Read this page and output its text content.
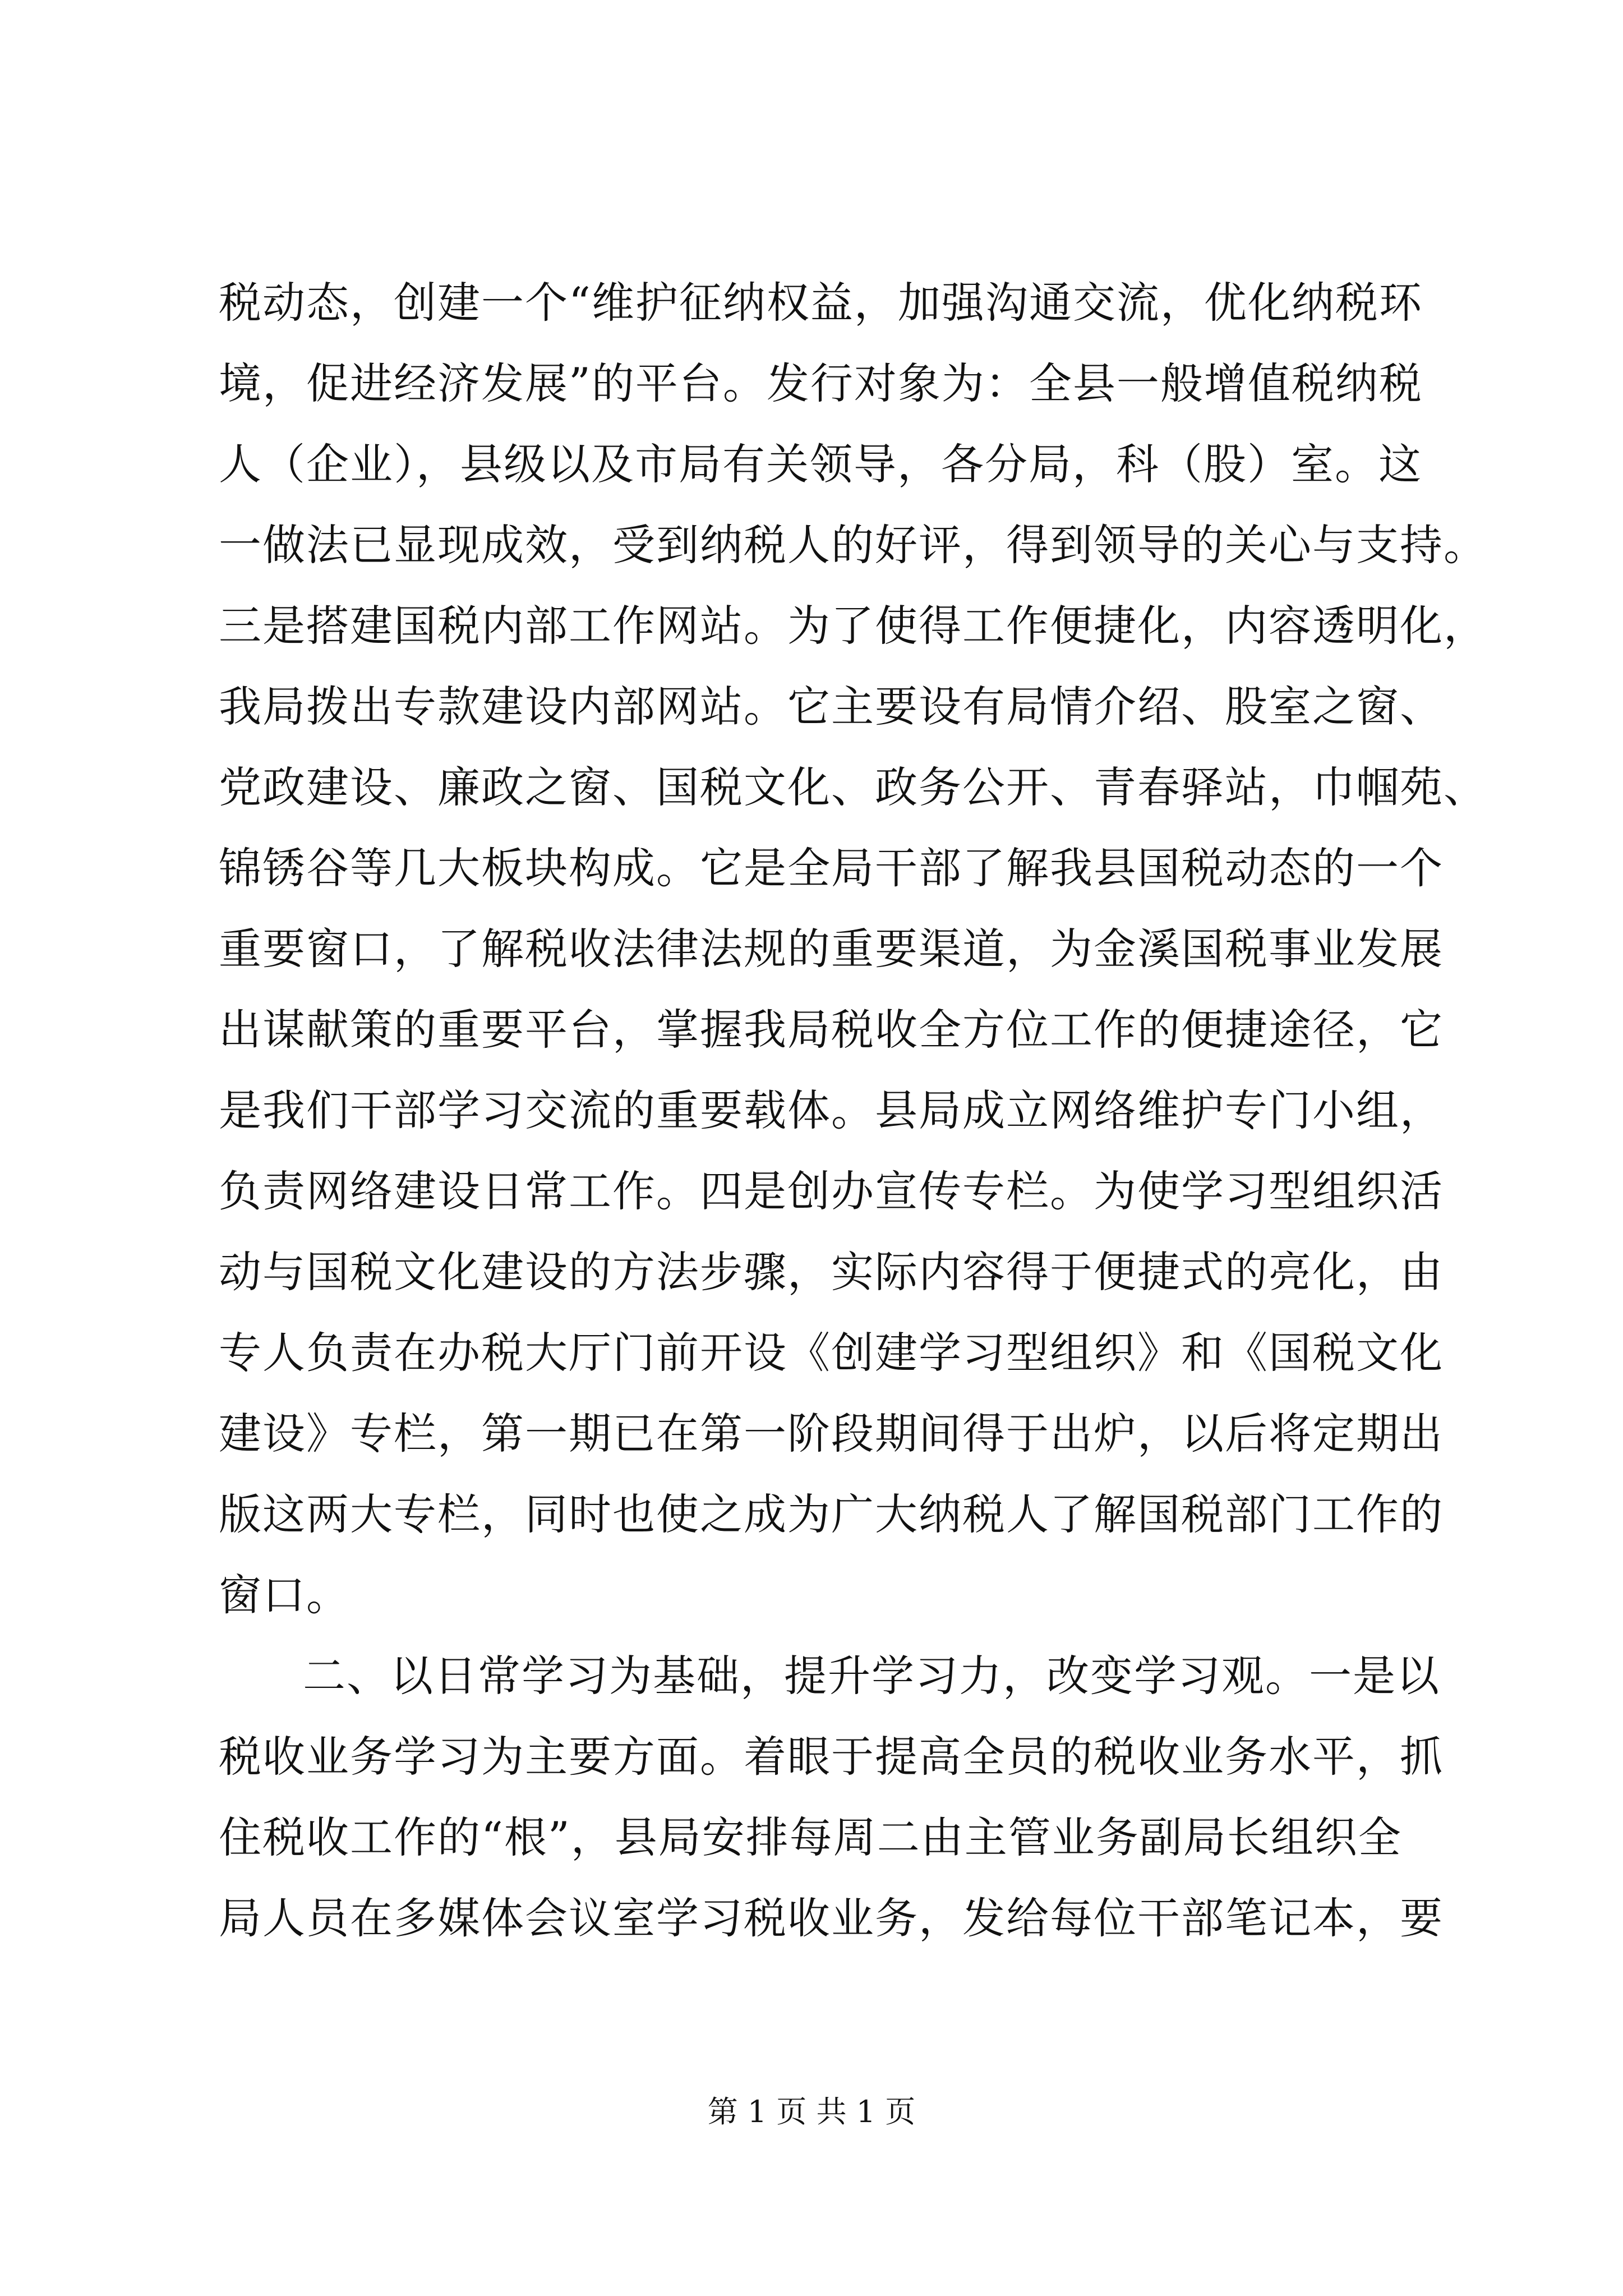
税动态，创建一个“维护征纳权益，加强沟通交流，优化纳税环
境，促进经济发展”的平台。发行对象为：全县一般增值税纳税
人（企业），县级以及市局有关领导，各分局，科（股）室。这
一做法已显现成效，受到纳税人的好评，得到领导的关心与支持。
三是搭建国税内部工作网站。为了使得工作便捷化，内容透明化，
我局拨出专款建设内部网站。它主要设有局情介绍、股室之窗、
党政建设、廉政之窗、国税文化、政务公开、青春驿站，巾帼苑、
锦锈谷等几大板块构成。它是全局干部了解我县国税动态的一个
重要窗口，了解税收法律法规的重要渠道，为金溪国税事业发展
出谋献策的重要平台，掌握我局税收全方位工作的便捷途径，它
是我们干部学习交流的重要载体。县局成立网络维护专门小组，
负责网络建设日常工作。四是创办宣传专栏。为使学习型组织活
动与国税文化建设的方法步骤，实际内容得于便捷式的亮化，由
专人负责在办税大厅门前开设《创建学习型组织》和《国税文化
建设》专栏，第一期已在第一阶段期间得于出炉，以后将定期出
版这两大专栏，同时也使之成为广大纳税人了解国税部门工作的
窗口。
二、以日常学习为基础，提升学习力，改变学习观。一是以
税收业务学习为主要方面。着眼于提高全员的税收业务水平，抓
住税收工作的“根”，县局安排每周二由主管业务副局长组织全
局人员在多媒体会议室学习税收业务，发给每位干部笔记本，要
第 1 页 共 1 页
